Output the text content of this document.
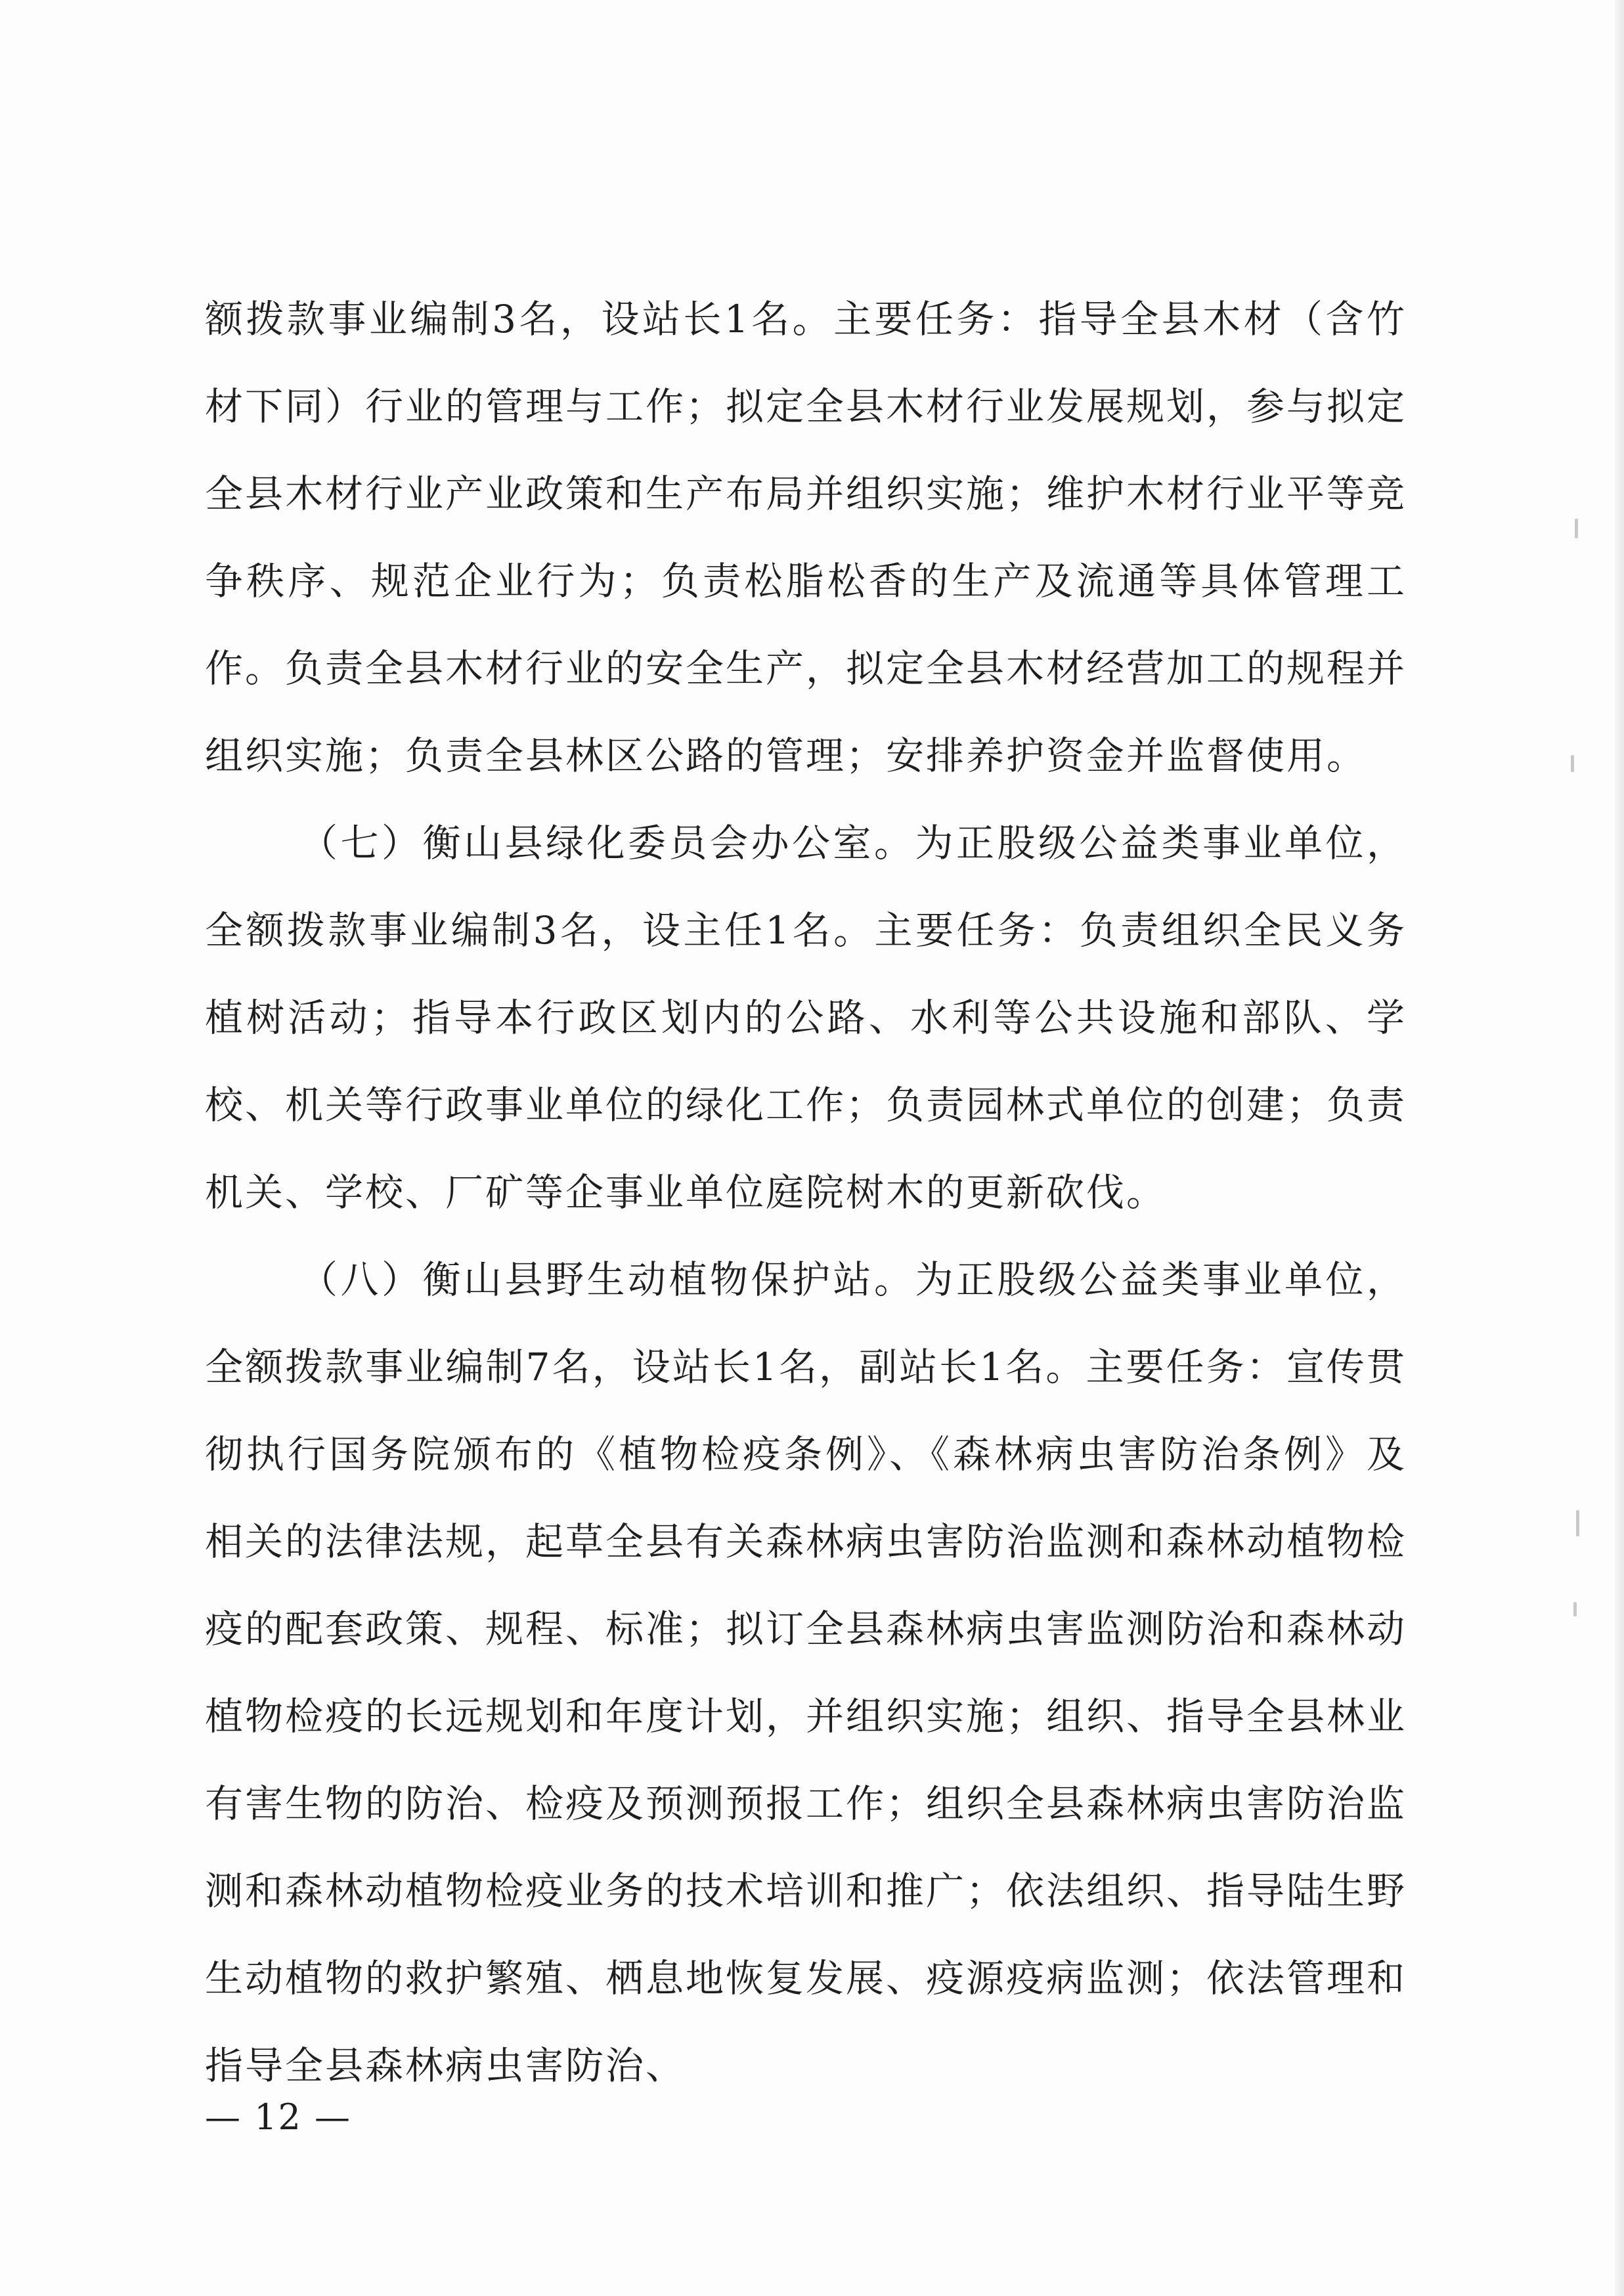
额拨款事业编制3名，设站长1名。主要任务：指导全县木材（含竹材下同）行业的管理与工作；拟定全县木材行业发展规划，参与拟定全县木材行业产业政策和生产布局并组织实施；维护木材行业平等竞争秩序、规范企业行为；负责松脂松香的生产及流通等具体管理工作。负责全县木材行业的安全生产，拟定全县木材经营加工的规程并组织实施；负责全县林区公路的管理；安排养护资金并监督使用。

（七）衡山县绿化委员会办公室。为正股级公益类事业单位，全额拨款事业编制3名，设主任1名。主要任务：负责组织全民义务植树活动；指导本行政区划内的公路、水利等公共设施和部队、学校、机关等行政事业单位的绿化工作；负责园林式单位的创建；负责机关、学校、厂矿等企事业单位庭院树木的更新砍伐。

（八）衡山县野生动植物保护站。为正股级公益类事业单位，全额拨款事业编制7名，设站长1名，副站长1名。主要任务：宣传贯彻执行国务院颁布的《植物检疫条例》、《森林病虫害防治条例》及相关的法律法规，起草全县有关森林病虫害防治监测和森林动植物检疫的配套政策、规程、标准；拟订全县森林病虫害监测防治和森林动植物检疫的长远规划和年度计划，并组织实施；组织、指导全县林业有害生物的防治、检疫及预测预报工作；组织全县森林病虫害防治监测和森林动植物检疫业务的技术培训和推广；依法组织、指导陆生野生动植物的救护繁殖、栖息地恢复发展、疫源疫病监测；依法管理和指导全县森林病虫害防治、

— 12 —
